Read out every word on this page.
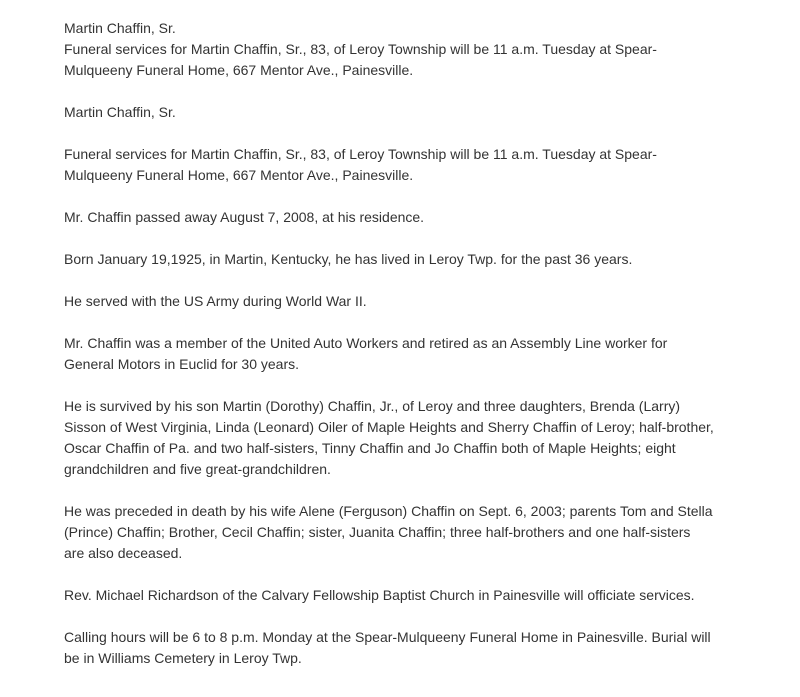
Martin Chaffin, Sr.

Funeral services for Martin Chaffin, Sr., 83, of Leroy Township will be 11 a.m. Tuesday at Spear-Mulqueeny Funeral Home, 667 Mentor Ave., Painesville.

Martin Chaffin, Sr.

Funeral services for Martin Chaffin, Sr., 83, of Leroy Township will be 11 a.m. Tuesday at Spear-Mulqueeny Funeral Home, 667 Mentor Ave., Painesville.

Mr. Chaffin passed away August 7, 2008, at his residence.

Born January 19,1925, in Martin, Kentucky, he has lived in Leroy Twp. for the past 36 years.

He served with the US Army during World War II.

Mr. Chaffin was a member of the United Auto Workers and retired as an Assembly Line worker for General Motors in Euclid for 30 years.

He is survived by his son Martin (Dorothy) Chaffin, Jr., of Leroy and three daughters, Brenda (Larry) Sisson of West Virginia, Linda (Leonard) Oiler of Maple Heights and Sherry Chaffin of Leroy; half-brother, Oscar Chaffin of Pa. and two half-sisters, Tinny Chaffin and Jo Chaffin both of Maple Heights; eight grandchildren and five great-grandchildren.

He was preceded in death by his wife Alene (Ferguson) Chaffin on Sept. 6, 2003; parents Tom and Stella (Prince) Chaffin; Brother, Cecil Chaffin; sister, Juanita Chaffin; three half-brothers and one half-sisters are also deceased.

Rev. Michael Richardson of the Calvary Fellowship Baptist Church in Painesville will officiate services.

Calling hours will be 6 to 8 p.m. Monday at the Spear-Mulqueeny Funeral Home in Painesville. Burial will be in Williams Cemetery in Leroy Twp.
